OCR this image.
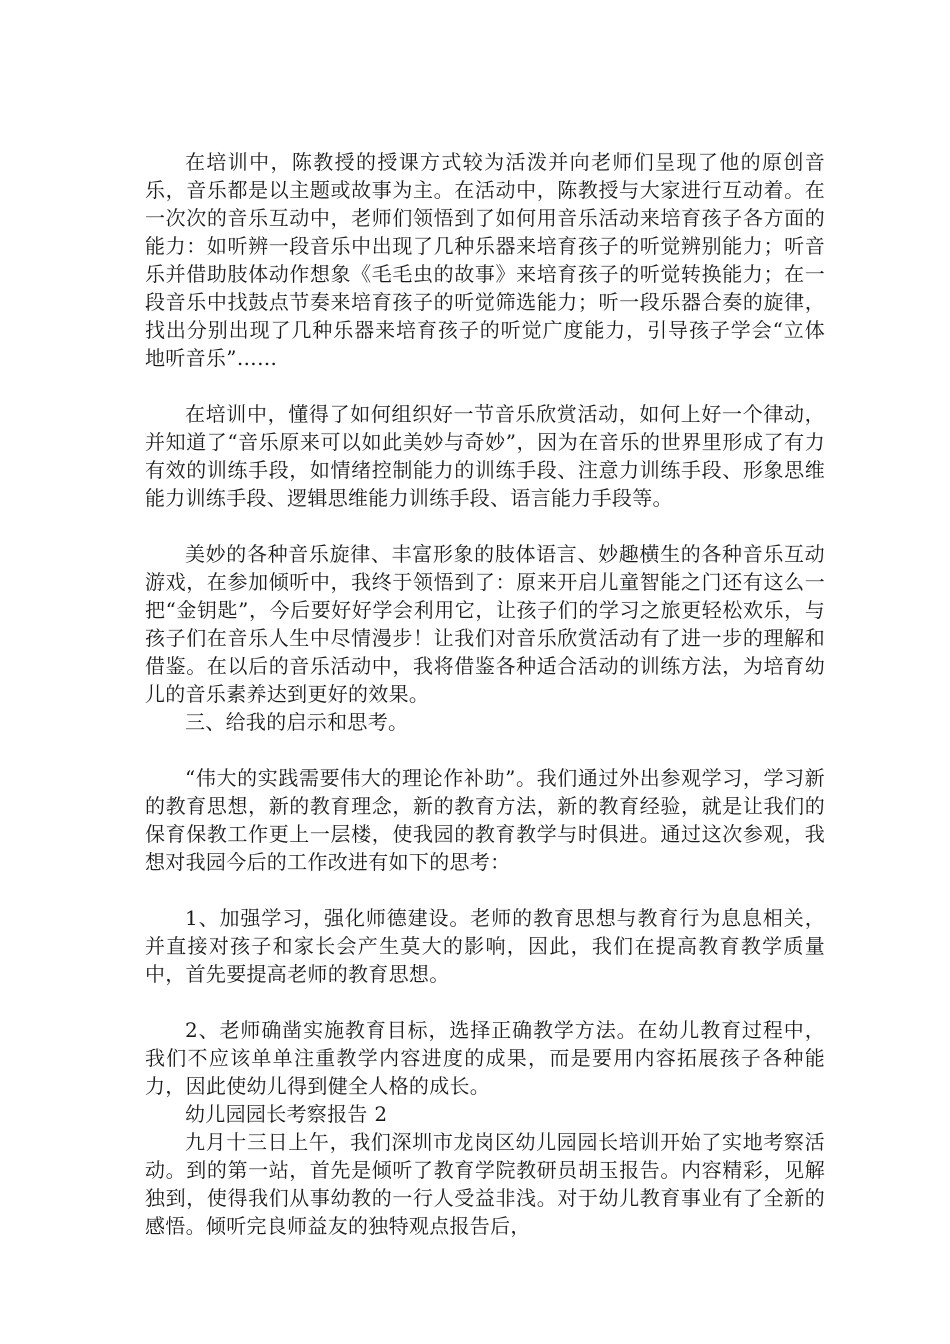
在培训中，陈教授的授课方式较为活泼并向老师们呈现了他的原创音乐，音乐都是以主题或故事为主。在活动中，陈教授与大家进行互动着。在一次次的音乐互动中，老师们领悟到了如何用音乐活动来培育孩子各方面的能力：如听辨一段音乐中出现了几种乐器来培育孩子的听觉辨别能力；听音乐并借助肢体动作想象《毛毛虫的故事》来培育孩子的听觉转换能力；在一段音乐中找鼓点节奏来培育孩子的听觉筛选能力；听一段乐器合奏的旋律，找出分别出现了几种乐器来培育孩子的听觉广度能力，引导孩子学会“立体地听音乐”……

在培训中，懂得了如何组织好一节音乐欣赏活动，如何上好一个律动，并知道了“音乐原来可以如此美妙与奇妙”，因为在音乐的世界里形成了有力有效的训练手段，如情绪控制能力的训练手段、注意力训练手段、形象思维能力训练手段、逻辑思维能力训练手段、语言能力手段等。

美妙的各种音乐旋律、丰富形象的肢体语言、妙趣横生的各种音乐互动游戏，在参加倾听中，我终于领悟到了：原来开启儿童智能之门还有这么一把“金钥匙”，今后要好好学会利用它，让孩子们的学习之旅更轻松欢乐，与孩子们在音乐人生中尽情漫步！让我们对音乐欣赏活动有了进一步的理解和借鉴。在以后的音乐活动中，我将借鉴各种适合活动的训练方法，为培育幼儿的音乐素养达到更好的效果。

三、给我的启示和思考。

“伟大的实践需要伟大的理论作补助”。我们通过外出参观学习，学习新的教育思想，新的教育理念，新的教育方法，新的教育经验，就是让我们的保育保教工作更上一层楼，使我园的教育教学与时俱进。通过这次参观，我想对我园今后的工作改进有如下的思考：

1、加强学习，强化师德建设。老师的教育思想与教育行为息息相关，并直接对孩子和家长会产生莫大的影响，因此，我们在提高教育教学质量中，首先要提高老师的教育思想。

2、老师确凿实施教育目标，选择正确教学方法。在幼儿教育过程中，我们不应该单单注重教学内容进度的成果，而是要用内容拓展孩子各种能力，因此使幼儿得到健全人格的成长。

幼儿园园长考察报告 2

九月十三日上午，我们深圳市龙岗区幼儿园园长培训开始了实地考察活动。到的第一站，首先是倾听了教育学院教研员胡玉报告。内容精彩，见解独到，使得我们从事幼教的一行人受益非浅。对于幼儿教育事业有了全新的感悟。倾听完良师益友的独特观点报告后，
